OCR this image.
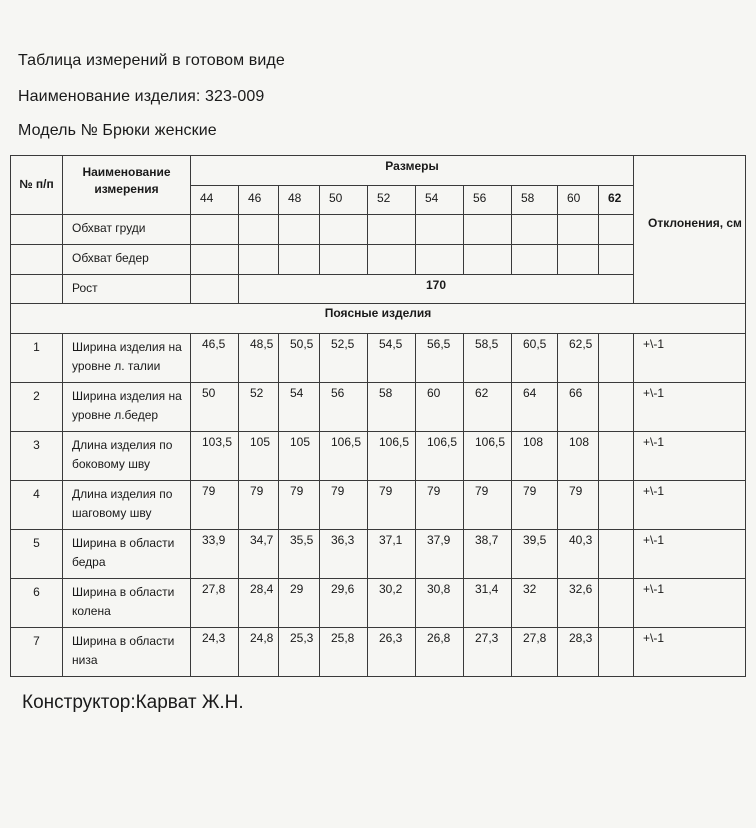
Таблица измерений в готовом виде
Наименование изделия: 323-009
Модель № Брюки женские
№ п/п	Наименование измерения	Размеры										Отклонения, см
		44	46	48	50	52	54	56	58	60	62	
	Обхват груди											
	Обхват бедер											
	Рост		170									
Поясные изделия												
1	Ширина изделия на уровне л. талии	46,5	48,5	50,5	52,5	54,5	56,5	58,5	60,5	62,5		+\-1
2	Ширина изделия на уровне л.бедер	50	52	54	56	58	60	62	64	66		+\-1
3	Длина изделия по боковому шву	103,5	105	105	106,5	106,5	106,5	106,5	108	108		+\-1
4	Длина изделия по шаговому шву	79	79	79	79	79	79	79	79	79		+\-1
5	Ширина в области бедра	33,9	34,7	35,5	36,3	37,1	37,9	38,7	39,5	40,3		+\-1
6	Ширина в области колена	27,8	28,4	29	29,6	30,2	30,8	31,4	32	32,6		+\-1
7	Ширина в области низа	24,3	24,8	25,3	25,8	26,3	26,8	27,3	27,8	28,3		+\-1
Конструктор:Карват Ж.Н.
